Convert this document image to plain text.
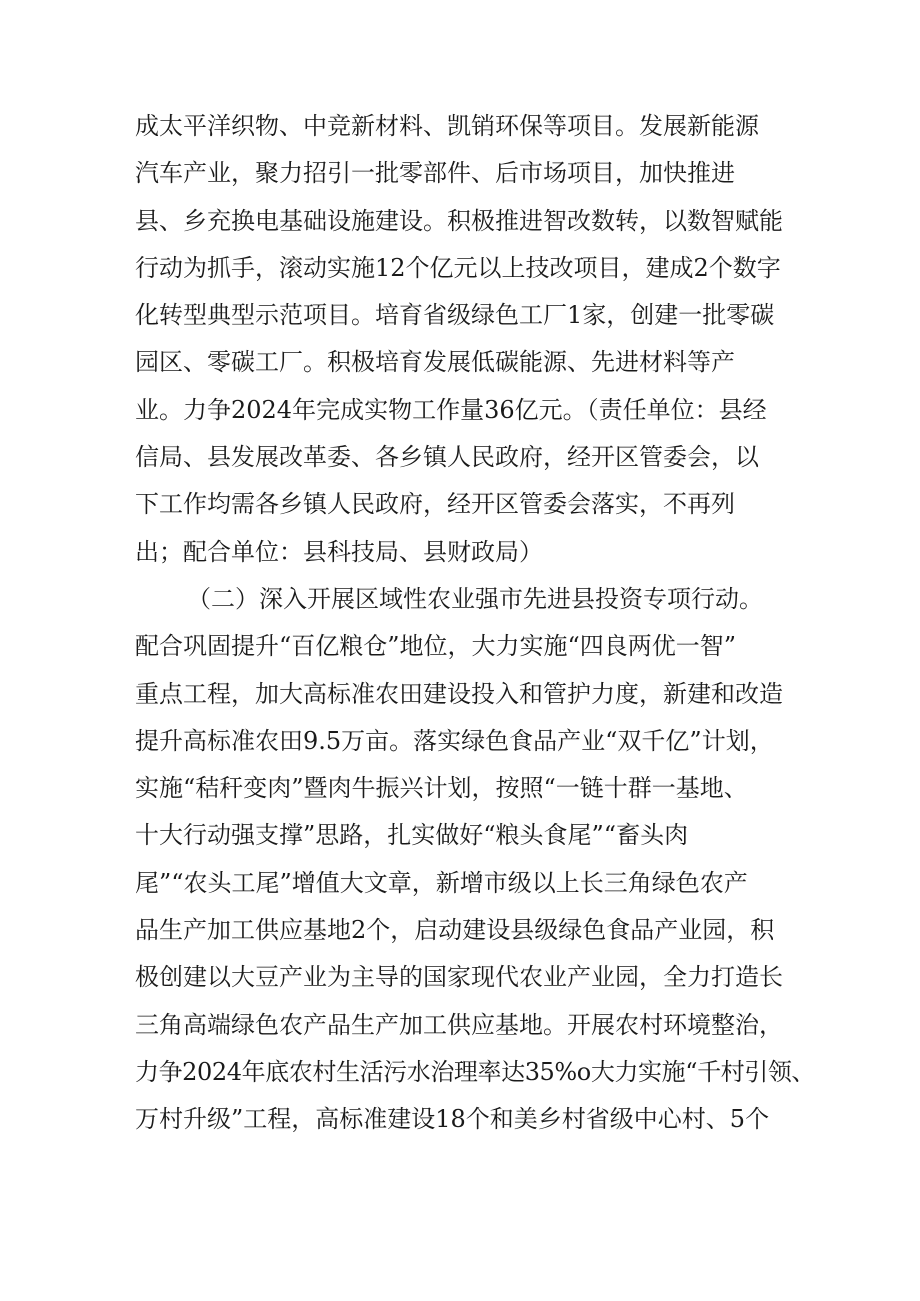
成太平洋织物、中竞新材料、凯销环保等项目。发展新能源
汽车产业，聚力招引一批零部件、后市场项目，加快推进
县、乡充换电基础设施建设。积极推进智改数转，以数智赋能
行动为抓手，滚动实施12个亿元以上技改项目，建成2个数字
化转型典型示范项目。培育省级绿色工厂1家，创建一批零碳
园区、零碳工厂。积极培育发展低碳能源、先进材料等产
业。力争2024年完成实物工作量36亿元。（责任单位：县经
信局、县发展改革委、各乡镇人民政府，经开区管委会，以
下工作均需各乡镇人民政府，经开区管委会落实，不再列
出；配合单位：县科技局、县财政局）
（二）深入开展区域性农业强市先进县投资专项行动。
配合巩固提升“百亿粮仓”地位，大力实施“四良两优一智”
重点工程，加大高标准农田建设投入和管护力度，新建和改造
提升高标准农田9.5万亩。落实绿色食品产业“双千亿”计划，
实施“秸秆变肉”暨肉牛振兴计划，按照“一链十群一基地、
十大行动强支撑”思路，扎实做好“粮头食尾”“畜头肉
尾”“农头工尾”增值大文章，新增市级以上长三角绿色农产
品生产加工供应基地2个，启动建设县级绿色食品产业园，积
极创建以大豆产业为主导的国家现代农业产业园，全力打造长
三角高端绿色农产品生产加工供应基地。开展农村环境整治，
力争2024年底农村生活污水治理率达35%o大力实施“千村引领、
万村升级”工程，高标准建设18个和美乡村省级中心村、5个
